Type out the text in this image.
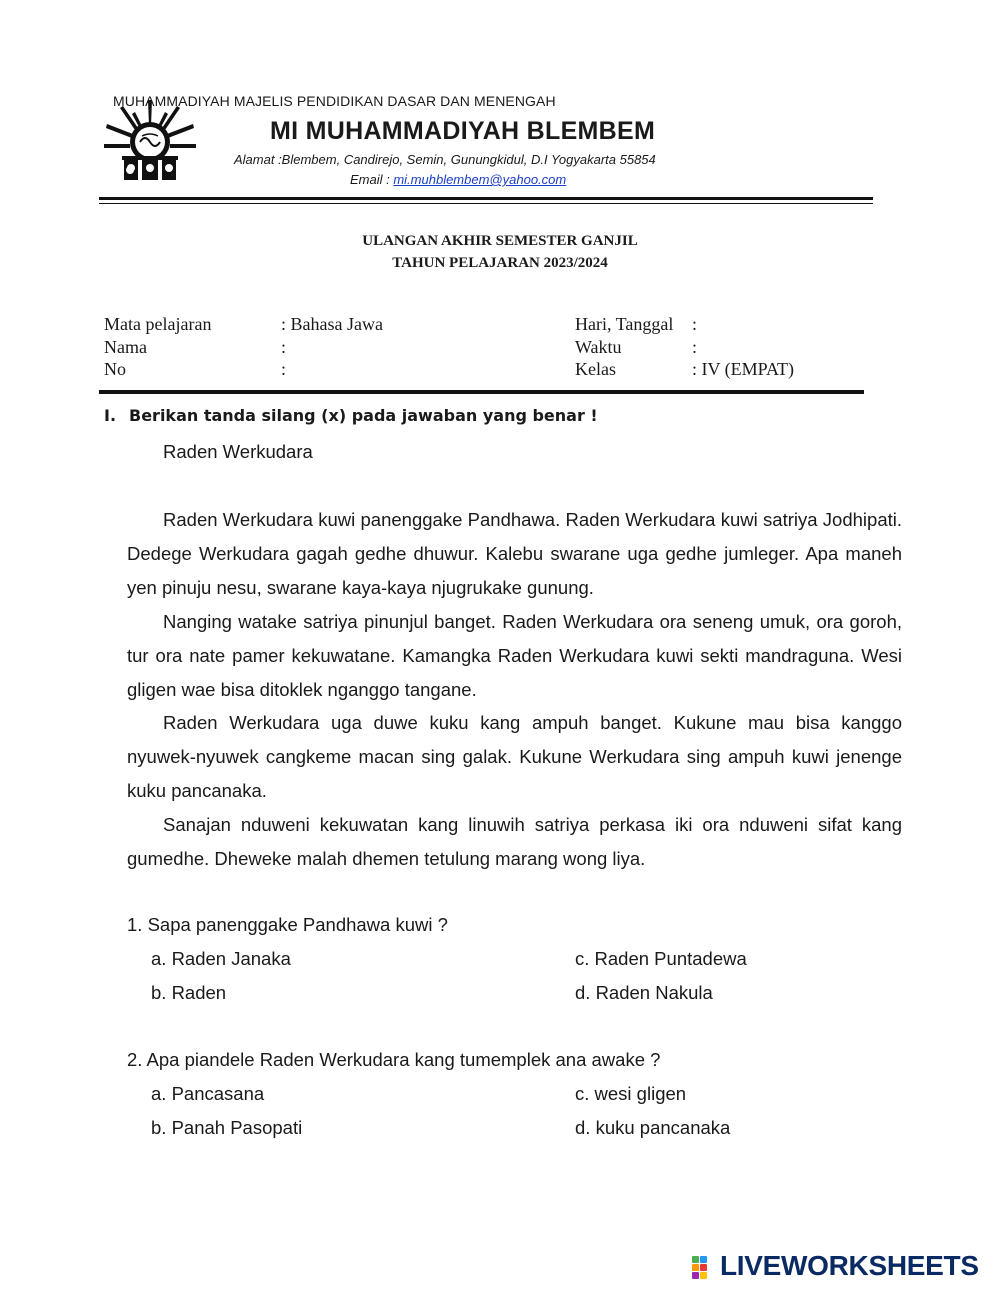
MUHAMMADIYAH MAJELIS PENDIDIKAN DASAR DAN MENENGAH
MI MUHAMMADIYAH BLEMBEM
Alamat :Blembem, Candirejo, Semin, Gunungkidul, D.I Yogyakarta 55854
Email : mi.muhblembem@yahoo.com
ULANGAN AKHIR SEMESTER GANJIL
TAHUN PELAJARAN 2023/2024
Mata pelajaran	: Bahasa Jawa
Nama	:
No	:
Hari, Tanggal :
Waktu	:
Kelas	: IV (EMPAT)
I. Berikan tanda silang (x) pada jawaban yang benar !
Raden Werkudara

Raden Werkudara kuwi panenggake Pandhawa. Raden Werkudara kuwi satriya Jodhipati. Dedege Werkudara gagah gedhe dhuwur. Kalebu swarane uga gedhe jumleger. Apa maneh yen pinuju nesu, swarane kaya-kaya njugrukake gunung.

Nanging watake satriya pinunjul banget. Raden Werkudara ora seneng umuk, ora goroh, tur ora nate pamer kekuwatane. Kamangka Raden Werkudara kuwi sekti mandraguna. Wesi gligen wae bisa ditoklek nganggo tangane.

Raden Werkudara uga duwe kuku kang ampuh banget. Kukune mau bisa kanggo nyuwek-nyuwek cangkeme macan sing galak. Kukune Werkudara sing ampuh kuwi jenenge kuku pancanaka.

Sanajan nduweni kekuwatan kang linuwih satriya perkasa iki ora nduweni sifat kang gumedhe. Dheweke malah dhemen tetulung marang wong liya.

1. Sapa panenggake Pandhawa kuwi ?
a. Raden Janaka
b. Raden
c. Raden Puntadewa
d. Raden Nakula
2. Apa piandele Raden Werkudara kang tumemplek ana awake ?
a. Pancasana
b. Panah Pasopati
c. wesi gligen
d. kuku pancanaka
LIVEWORKSHEETS
